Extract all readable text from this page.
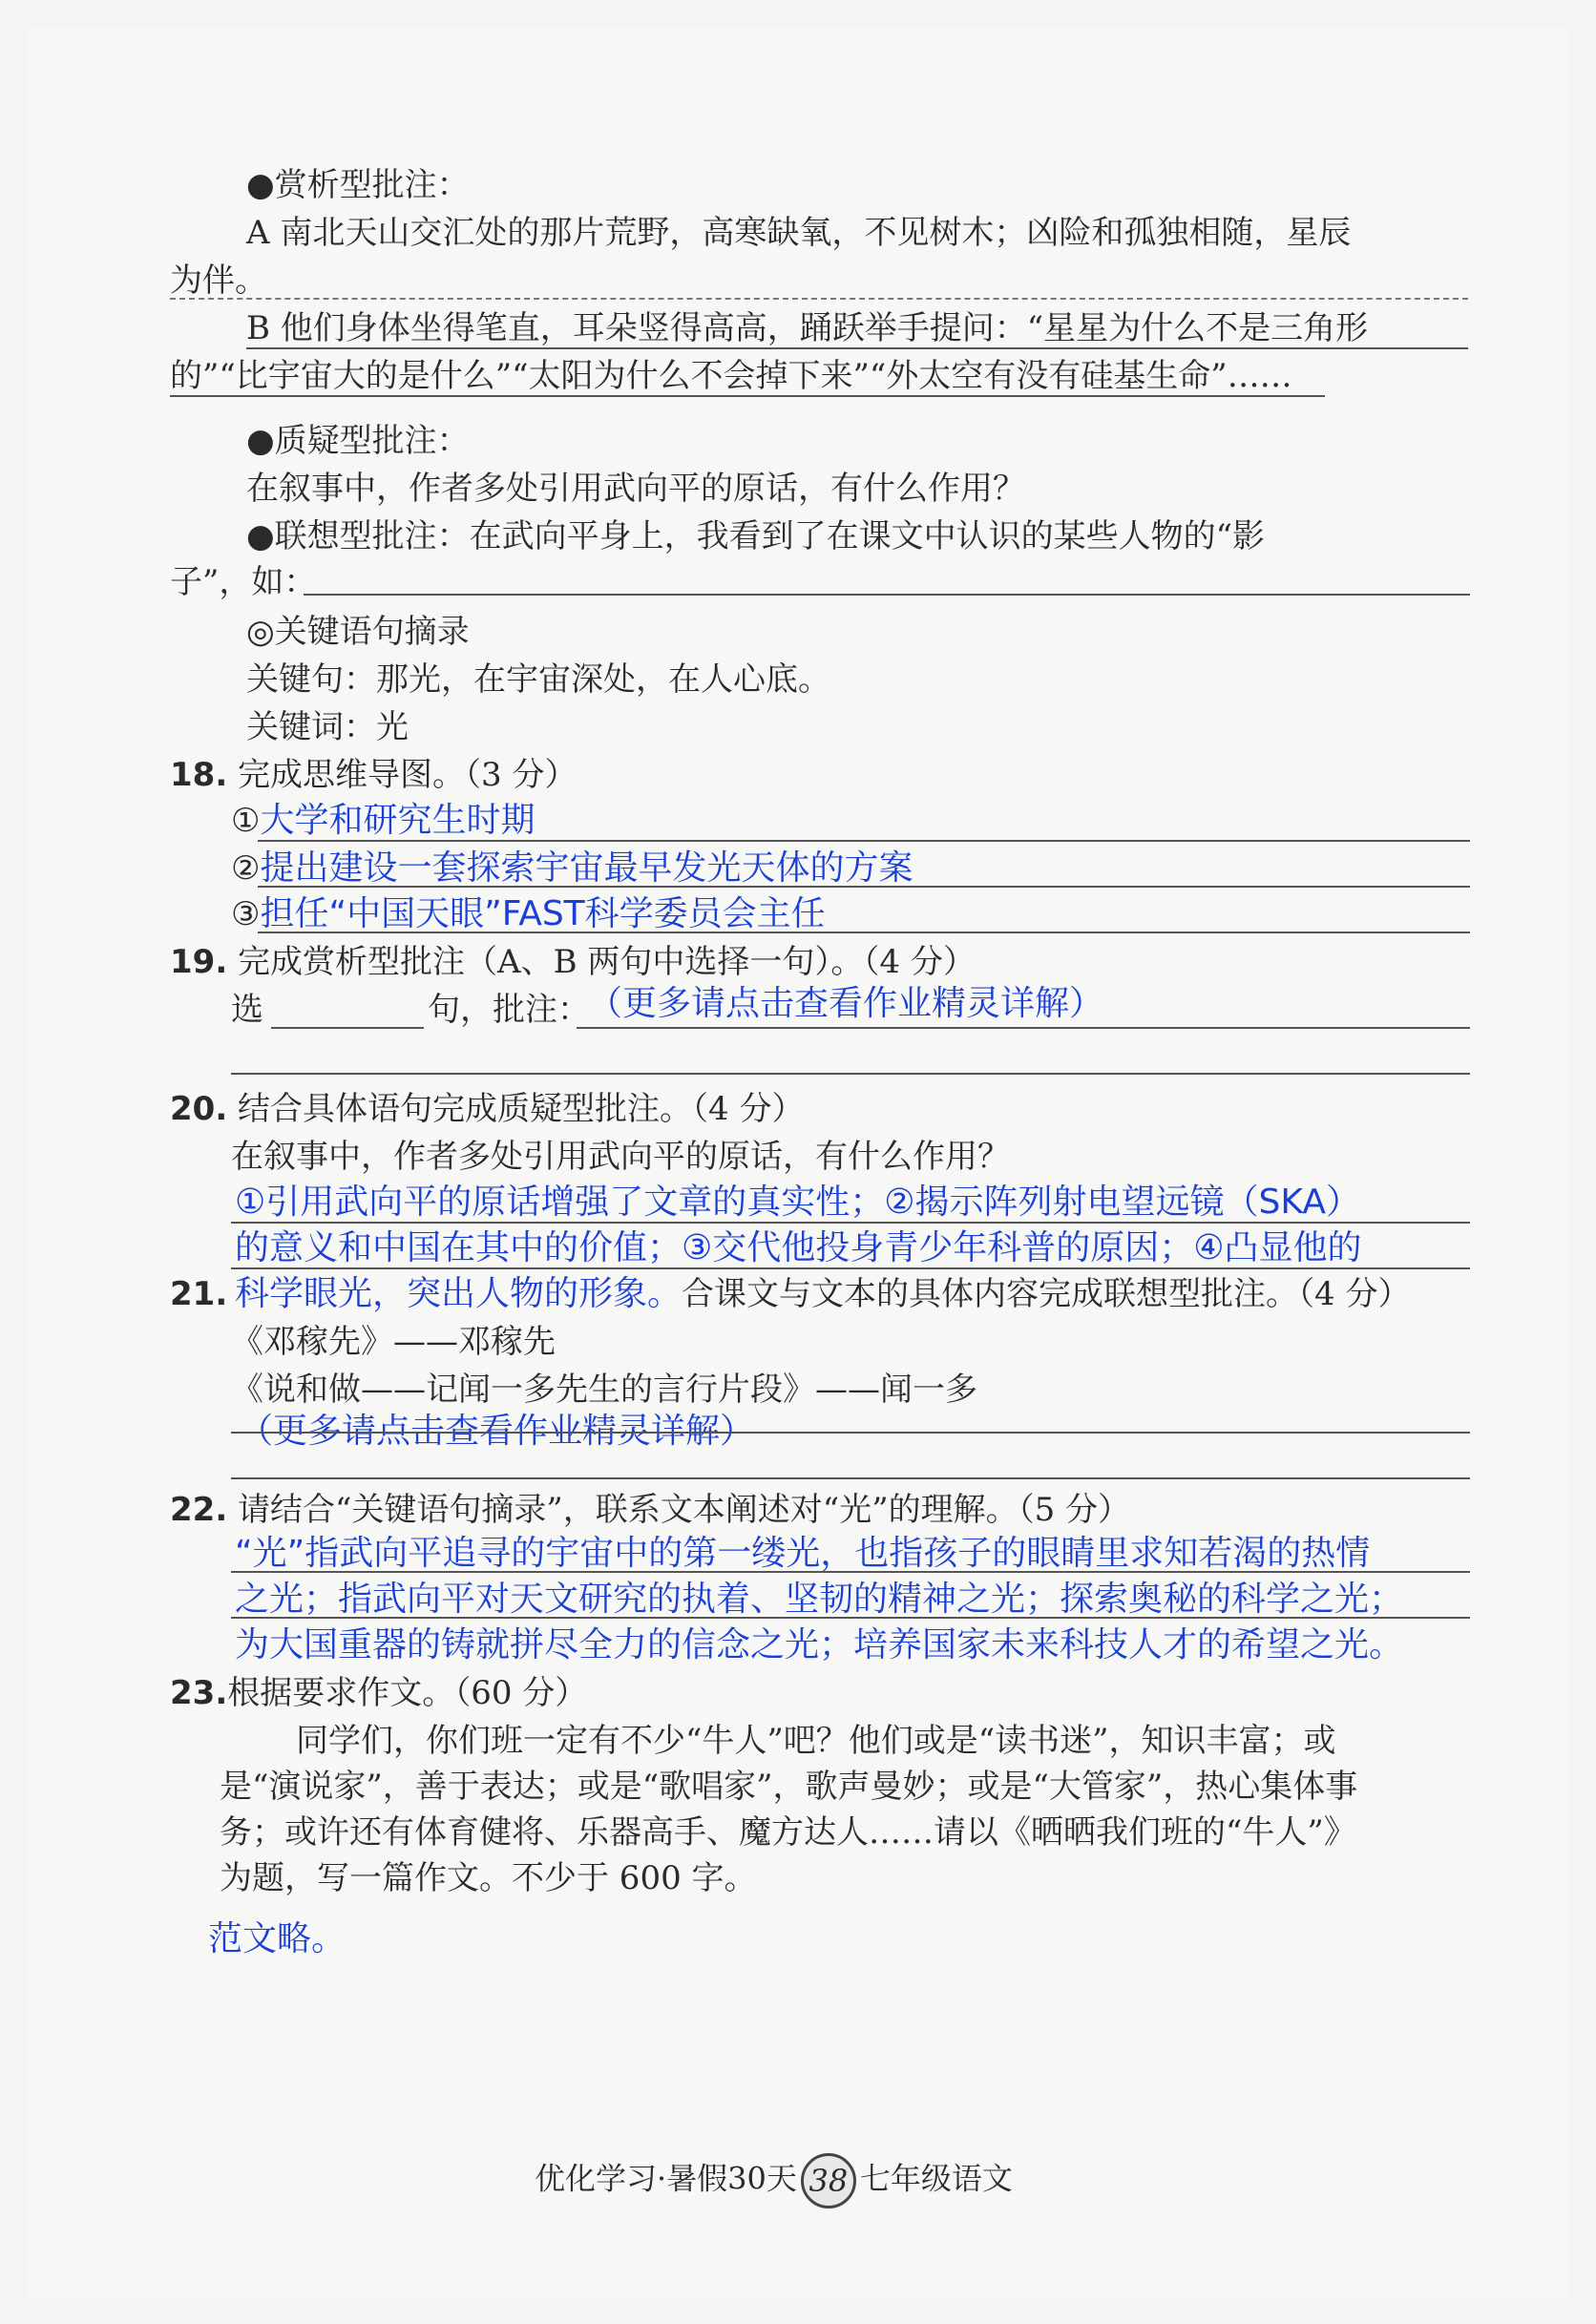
●赏析型批注：
A 南北天山交汇处的那片荒野，高寒缺氧，不见树木；凶险和孤独相随，星辰
为伴。
B 他们身体坐得笔直，耳朵竖得高高，踊跃举手提问：“星星为什么不是三角形
的”“比宇宙大的是什么”“太阳为什么不会掉下来”“外太空有没有硅基生命”……
●质疑型批注：
在叙事中，作者多处引用武向平的原话，有什么作用？
●联想型批注：在武向平身上，我看到了在课文中认识的某些人物的“影
子”，如：
◎关键语句摘录
关键句：那光，在宇宙深处，在人心底。
关键词：光
18. 完成思维导图。（3 分）
①大学和研究生时期
②提出建设一套探索宇宙最早发光天体的方案
③担任“中国天眼”FAST科学委员会主任
19. 完成赏析型批注（A、B 两句中选择一句）。（4 分）
选	句，批注：
（更多请点击查看作业精灵详解）
20. 结合具体语句完成质疑型批注。（4 分）
在叙事中，作者多处引用武向平的原话，有什么作用？
①引用武向平的原话增强了文章的真实性；②揭示阵列射电望远镜（SKA）
的意义和中国在其中的价值；③交代他投身青少年科普的原因；④凸显他的
科学眼光，突出人物的形象。
21.	合课文与文本的具体内容完成联想型批注。（4 分）
《邓稼先》——邓稼先
《说和做——记闻一多先生的言行片段》——闻一多
（更多请点击查看作业精灵详解）
22. 请结合“关键语句摘录”，联系文本阐述对“光”的理解。（5 分）
“光”指武向平追寻的宇宙中的第一缕光，也指孩子的眼睛里求知若渴的热情
之光；指武向平对天文研究的执着、坚韧的精神之光；探索奥秘的科学之光；
为大国重器的铸就拼尽全力的信念之光；培养国家未来科技人才的希望之光。
23.根据要求作文。（60 分）
同学们，你们班一定有不少“牛人”吧？他们或是“读书迷”，知识丰富；或
是“演说家”，善于表达；或是“歌唱家”，歌声曼妙；或是“大管家”，热心集体事
务；或许还有体育健将、乐器高手、魔方达人……请以《晒晒我们班的“牛人”》
为题，写一篇作文。不少于 600 字。
范文略。
优化学习·暑假30天 38 七年级语文
